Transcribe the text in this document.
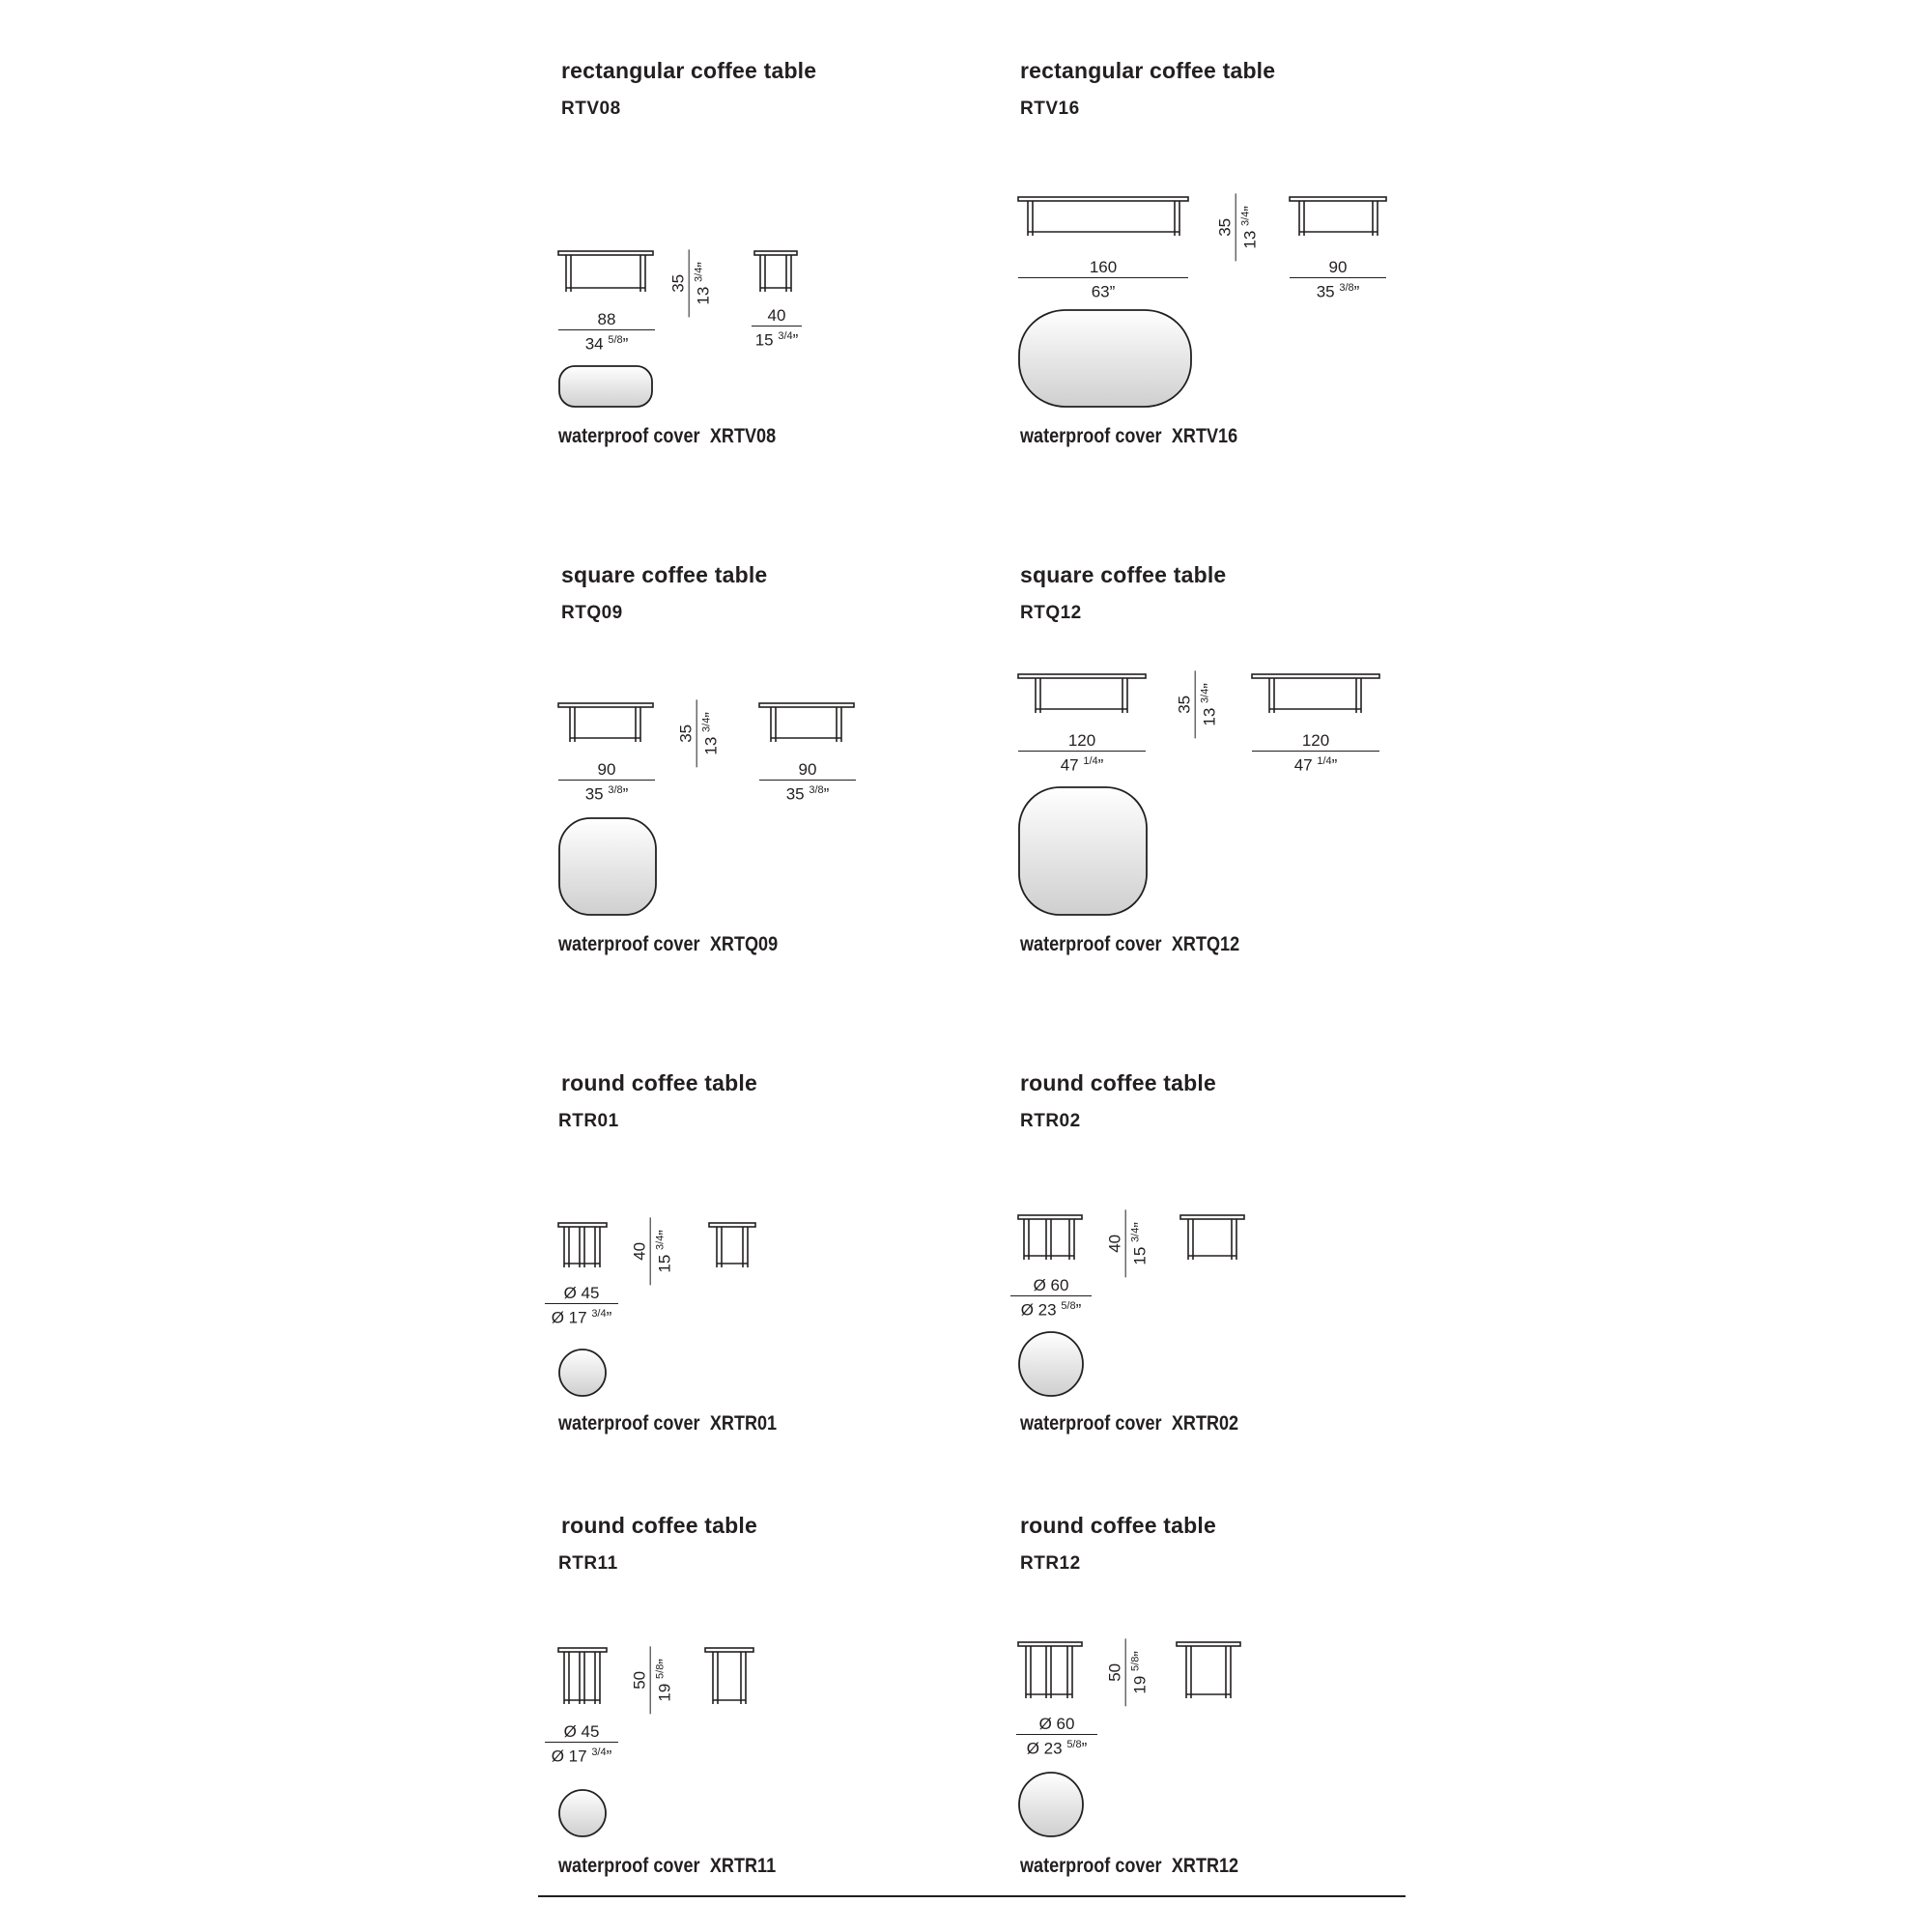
rectangular coffee table
RTV08
88
34 $^{5/8}$”
35
13 $^{3/4}$”
40
15 $^{3/4}$”
waterproof cover XRTV08
rectangular coffee table
RTV16
160
63”
35
13 $^{3/4}$”
90
35 $^{3/8}$”
waterproof cover XRTV16
square coffee table
RTQ09
90
35 $^{3/8}$”
35
13 $^{3/4}$”
90
35 $^{3/8}$”
waterproof cover XRTQ09
square coffee table
RTQ12
120
47 $^{1/4}$”
35
13 $^{3/4}$”
120
47 $^{1/4}$”
waterproof cover XRTQ12
round coffee table
RTR01
Ø 45
Ø 17 $^{3/4}$”
40
15 $^{3/4}$”
waterproof cover XRTR01
round coffee table
RTR02
Ø 60
Ø 23 $^{5/8}$”
40
15 $^{3/4}$”
waterproof cover XRTR02
round coffee table
RTR11
Ø 45
Ø 17 $^{3/4}$”
50
19 $^{5/8}$”
waterproof cover XRTR11
round coffee table
RTR12
Ø 60
Ø 23 $^{5/8}$”
50
19 $^{5/8}$”
waterproof cover XRTR12
